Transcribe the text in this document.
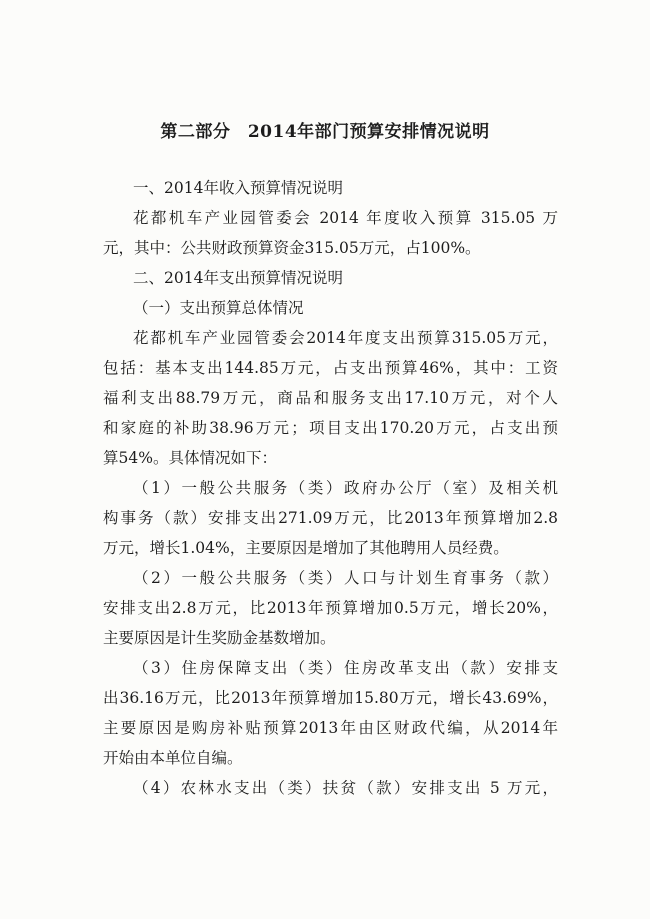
第二部分　2014年部门预算安排情况说明
一、2014年收入预算情况说明
花都机车产业园管委会 2014 年度收入预算 315.05 万
元，其中：公共财政预算资金315.05万元，占100%。
二、2014年支出预算情况说明
（一）支出预算总体情况
花都机车产业园管委会2014年度支出预算315.05万元，
包括：基本支出144.85万元，占支出预算46%，其中：工资
福利支出88.79万元，商品和服务支出17.10万元，对个人
和家庭的补助38.96万元；项目支出170.20万元，占支出预
算54%。具体情况如下：
（1）一般公共服务（类）政府办公厅（室）及相关机
构事务（款）安排支出271.09万元，比2013年预算增加2.8
万元，增长1.04%，主要原因是增加了其他聘用人员经费。
（2）一般公共服务（类）人口与计划生育事务（款）
安排支出2.8万元，比2013年预算增加0.5万元，增长20%，
主要原因是计生奖励金基数增加。
（3）住房保障支出（类）住房改革支出（款）安排支
出36.16万元，比2013年预算增加15.80万元，增长43.69%，
主要原因是购房补贴预算2013年由区财政代编，从2014年
开始由本单位自编。
（4）农林水支出（类）扶贫（款）安排支出 5 万元，
